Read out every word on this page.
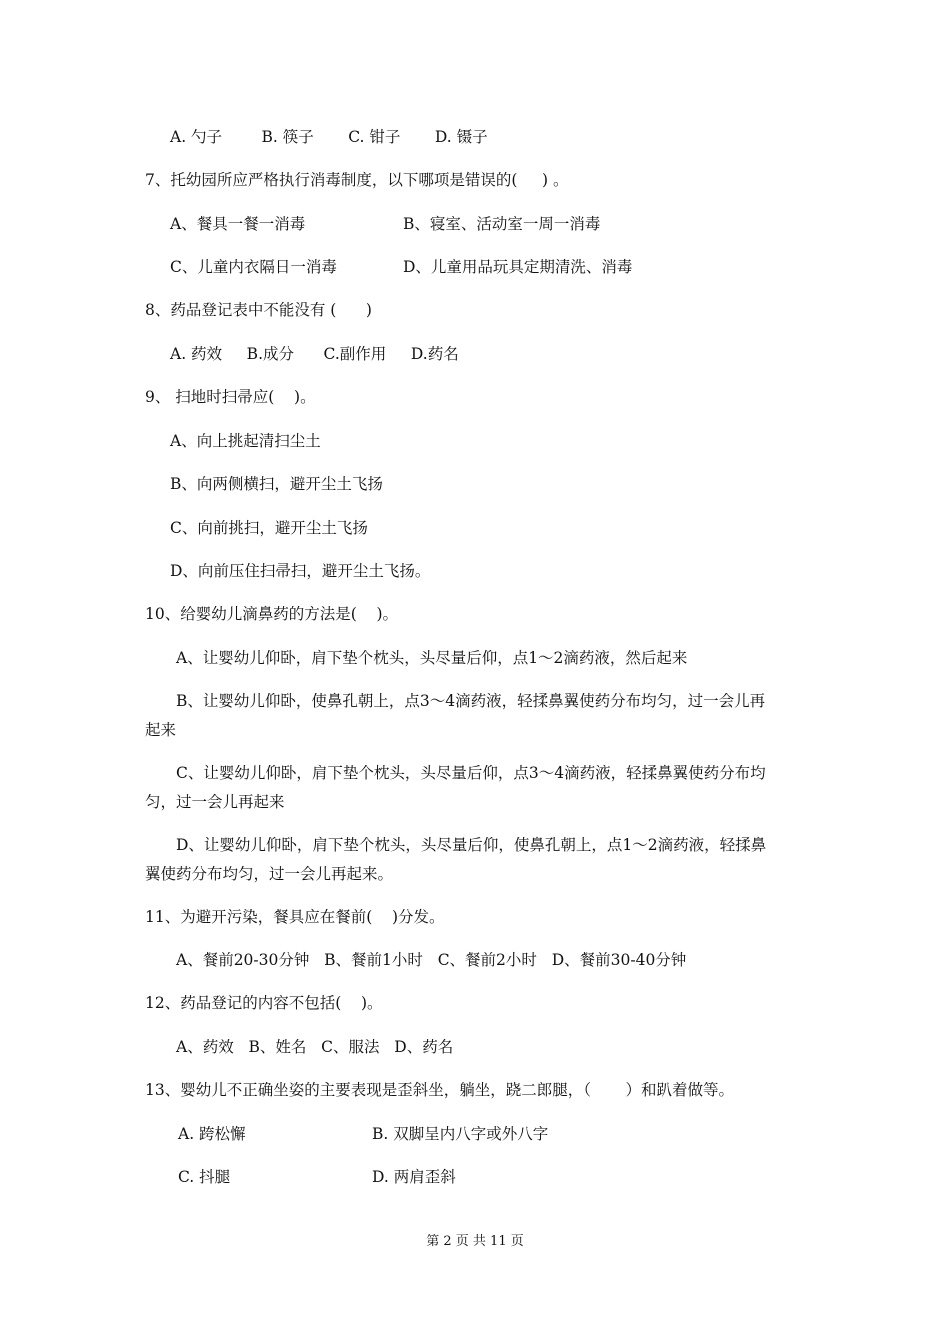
A. 勺子        B. 筷子       C. 钳子       D. 镊子
7、托幼园所应严格执行消毒制度，以下哪项是错误的(     ) 。
A、餐具一餐一消毒	B、寝室、活动室一周一消毒
C、儿童内衣隔日一消毒	D、儿童用品玩具定期清洗、消毒
8、药品登记表中不能没有 (      )
A. 药效     B.成分      C.副作用     D.药名
9、 扫地时扫帚应(    )。
A、向上挑起清扫尘土
B、向两侧横扫，避开尘土飞扬
C、向前挑扫，避开尘土飞扬
D、向前压住扫帚扫，避开尘土飞扬。
10、给婴幼儿滴鼻药的方法是(    )。
A、让婴幼儿仰卧，肩下垫个枕头，头尽量后仰，点1～2滴药液，然后起来
B、让婴幼儿仰卧，使鼻孔朝上，点3～4滴药液，轻揉鼻翼使药分布均匀，过一会儿再
起来
C、让婴幼儿仰卧，肩下垫个枕头，头尽量后仰，点3～4滴药液，轻揉鼻翼使药分布均
匀，过一会儿再起来
D、让婴幼儿仰卧，肩下垫个枕头，头尽量后仰，使鼻孔朝上，点1～2滴药液，轻揉鼻
翼使药分布均匀，过一会儿再起来。
11、为避开污染，餐具应在餐前(    )分发。
A、餐前20-30分钟   B、餐前1小时   C、餐前2小时   D、餐前30-40分钟
12、药品登记的内容不包括(    )。
A、药效   B、姓名   C、服法   D、药名
13、婴幼儿不正确坐姿的主要表现是歪斜坐，躺坐，跷二郎腿，（       ）和趴着做等。
A. 跨松懈	B. 双脚呈内八字或外八字
C. 抖腿	D. 两肩歪斜
第 2 页 共 11 页
